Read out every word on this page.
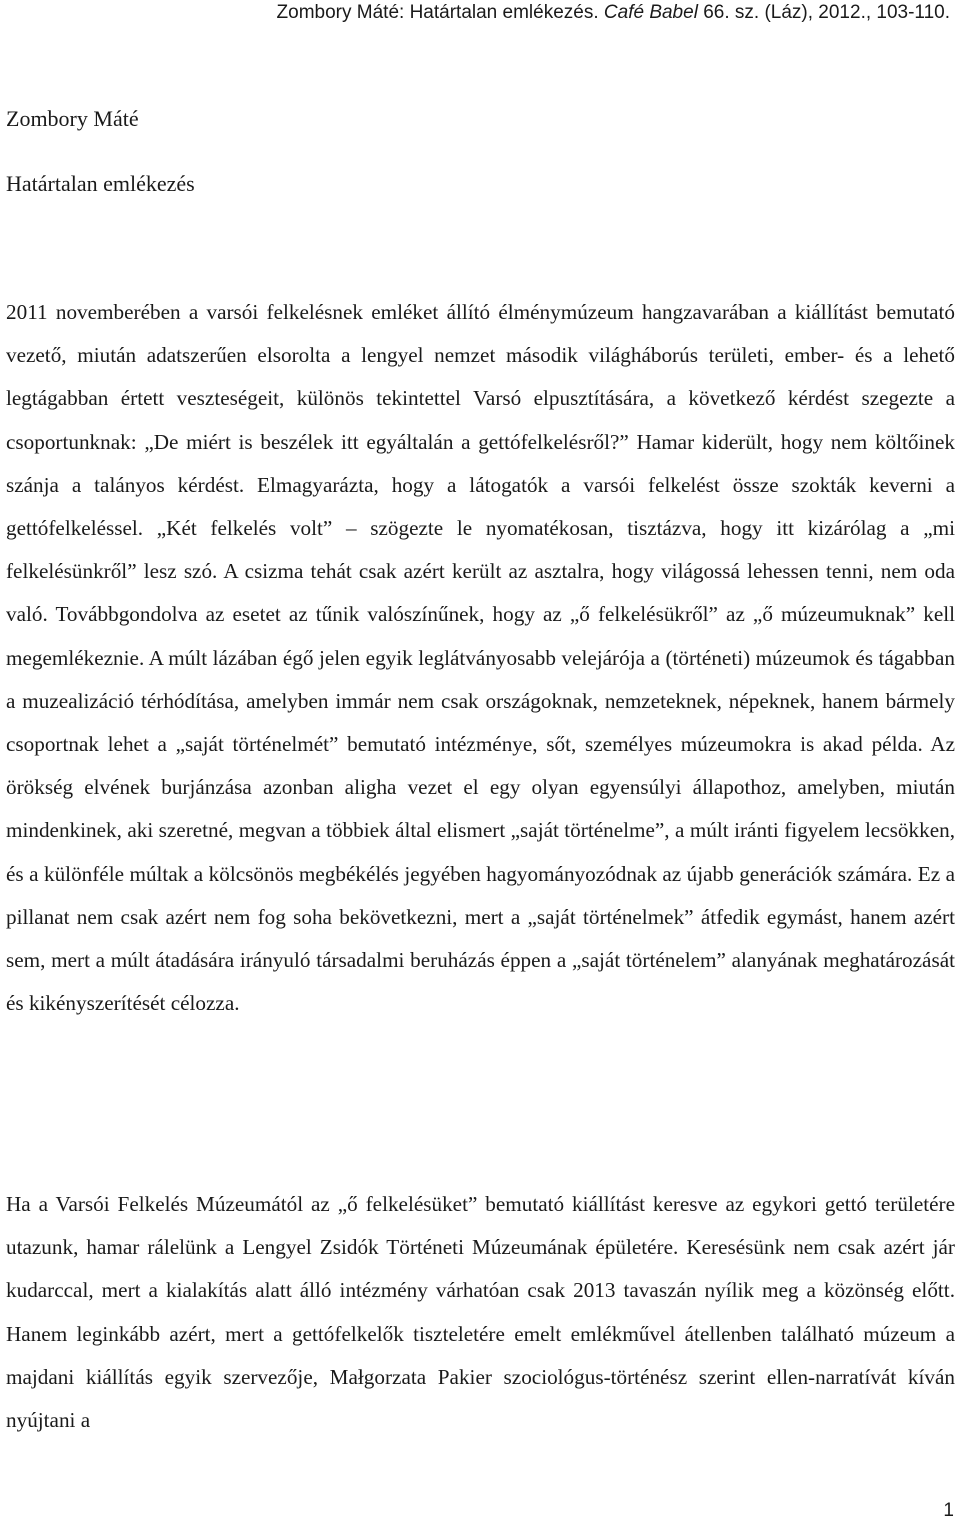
Zombory Máté: Határtalan emlékezés. Café Babel 66. sz. (Láz), 2012., 103-110.
Zombory Máté
Határtalan emlékezés

2011 novemberében a varsói felkelésnek emléket állító élménymúzeum hangzavarában a kiállítást bemutató vezető, miután adatszerűen elsorolta a lengyel nemzet második világháborús területi, ember- és a lehető legtágabban értett veszteségeit, különös tekintettel Varsó elpusztítására, a következő kérdést szegezte a csoportunknak: „De miért is beszélek itt egyáltalán a gettófelkelésről?” Hamar kiderült, hogy nem költőinek szánja a talányos kérdést. Elmagyarázta, hogy a látogatók a varsói felkelést össze szokták keverni a gettófelkeléssel. „Két felkelés volt” – szögezte le nyomatékosan, tisztázva, hogy itt kizárólag a „mi felkelésünkről” lesz szó. A csizma tehát csak azért került az asztalra, hogy világossá lehessen tenni, nem oda való. Továbbgondolva az esetet az tűnik valószínűnek, hogy az „ő felkelésükről” az „ő múzeumuknak” kell megemlékeznie. A múlt lázában égő jelen egyik leglátványosabb velejárója a (történeti) múzeumok és tágabban a muzealizáció térhódítása, amelyben immár nem csak országoknak, nemzeteknek, népeknek, hanem bármely csoportnak lehet a „saját történelmét” bemutató intézménye, sőt, személyes múzeumokra is akad példa. Az örökség elvének burjánzása azonban aligha vezet el egy olyan egyensúlyi állapothoz, amelyben, miután mindenkinek, aki szeretné, megvan a többiek által elismert „saját történelme”, a múlt iránti figyelem lecsökken, és a különféle múltak a kölcsönös megbékélés jegyében hagyományozódnak az újabb generációk számára. Ez a pillanat nem csak azért nem fog soha bekövetkezni, mert a „saját történelmek” átfedik egymást, hanem azért sem, mert a múlt átadására irányuló társadalmi beruházás éppen a „saját történelem” alanyának meghatározását és kikényszerítését célozza.

Ha a Varsói Felkelés Múzeumától az „ő felkelésüket” bemutató kiállítást keresve az egykori gettó területére utazunk, hamar rálelünk a Lengyel Zsidók Történeti Múzeumának épületére. Keresésünk nem csak azért jár kudarccal, mert a kialakítás alatt álló intézmény várhatóan csak 2013 tavaszán nyílik meg a közönség előtt. Hanem leginkább azért, mert a gettófelkelők tiszteletére emelt emlékművel átellenben található múzeum a majdani kiállítás egyik szervezője, Małgorzata Pakier szociológus-történész szerint ellen-narratívát kíván nyújtani a

1
